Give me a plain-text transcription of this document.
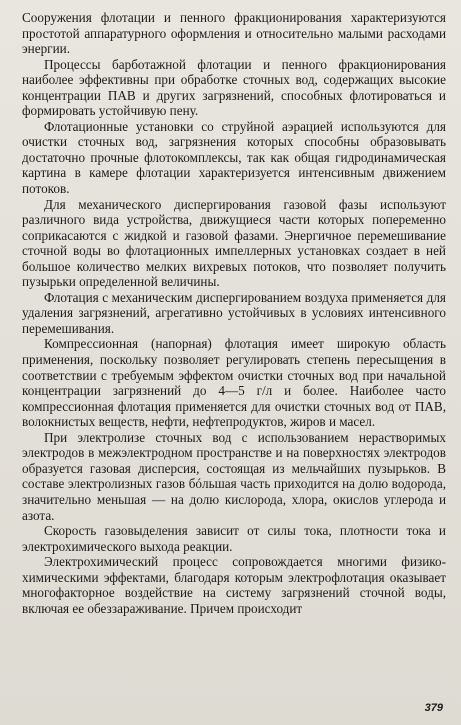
Сооружения флотации и пенного фракционирования характеризуются простотой аппаратурного оформления и относительно малыми расходами энергии.

Процессы барботажной флотации и пенного фракционирования наиболее эффективны при обработке сточных вод, содержащих высокие концентрации ПАВ и других загрязнений, способных флотироваться и формировать устойчивую пену.

Флотационные установки со струйной аэрацией используются для очистки сточных вод, загрязнения которых способны образовывать достаточно прочные флотокомплексы, так как общая гидродинамическая картина в камере флотации характеризуется интенсивным движением потоков.

Для механического диспергирования газовой фазы используют различного вида устройства, движущиеся части которых попеременно соприкасаются с жидкой и газовой фазами. Энергичное перемешивание сточной воды во флотационных импеллерных установках создает в ней большое количество мелких вихревых потоков, что позволяет получить пузырьки определенной величины.

Флотация с механическим диспергированием воздуха применяется для удаления загрязнений, агрегативно устойчивых в условиях интенсивного перемешивания.

Компрессионная (напорная) флотация имеет широкую область применения, поскольку позволяет регулировать степень пересыщения в соответствии с требуемым эффектом очистки сточных вод при начальной концентрации загрязнений до 4—5 г/л и более. Наиболее часто компрессионная флотация применяется для очистки сточных вод от ПАВ, волокнистых веществ, нефти, нефтепродуктов, жиров и масел.

При электролизе сточных вод с использованием нерастворимых электродов в межэлектродном пространстве и на поверхностях электродов образуется газовая дисперсия, состоящая из мельчайших пузырьков. В составе электролизных газов бóльшая часть приходится на долю водорода, значительно меньшая — на долю кислорода, хлора, окислов углерода и азота.

Скорость газовыделения зависит от силы тока, плотности тока и электрохимического выхода реакции.

Электрохимический процесс сопровождается многими физико-химическими эффектами, благодаря которым электрофлотация оказывает многофакторное воздействие на систему загрязнений сточной воды, включая ее обеззараживание. Причем происходит

379
